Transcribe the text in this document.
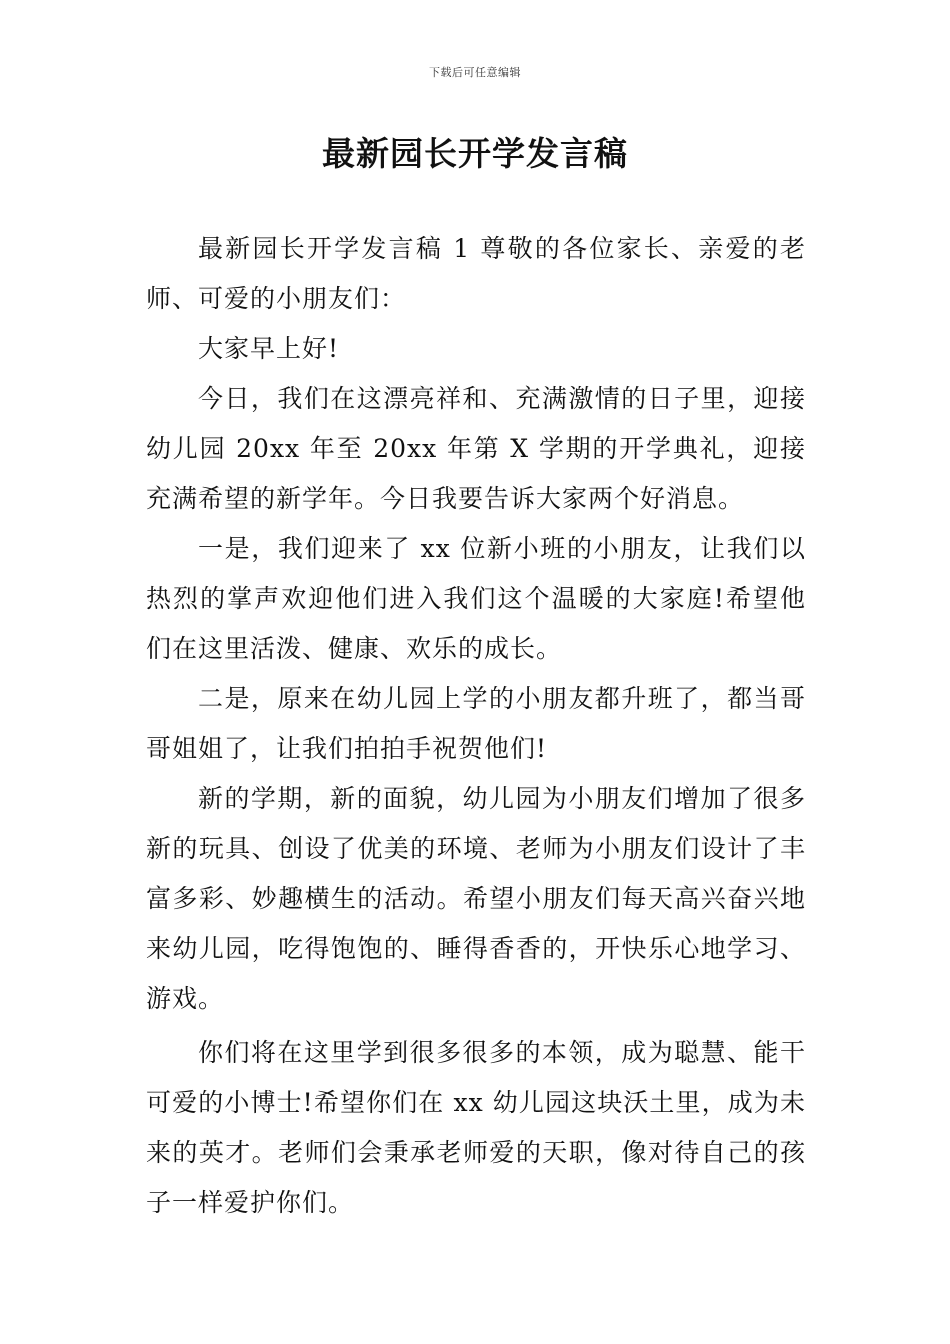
下载后可任意编辑
最新园长开学发言稿

最新园长开学发言稿 1 尊敬的各位家长、亲爱的老师、可爱的小朋友们：

大家早上好!

今日，我们在这漂亮祥和、充满激情的日子里，迎接幼儿园 20xx 年至 20xx 年第 X 学期的开学典礼，迎接充满希望的新学年。今日我要告诉大家两个好消息。

一是，我们迎来了 xx 位新小班的小朋友，让我们以热烈的掌声欢迎他们进入我们这个温暖的大家庭!希望他们在这里活泼、健康、欢乐的成长。

二是，原来在幼儿园上学的小朋友都升班了，都当哥哥姐姐了，让我们拍拍手祝贺他们!

新的学期，新的面貌，幼儿园为小朋友们增加了很多新的玩具、创设了优美的环境、老师为小朋友们设计了丰富多彩、妙趣横生的活动。希望小朋友们每天高兴奋兴地来幼儿园，吃得饱饱的、睡得香香的，开快乐心地学习、游戏。

你们将在这里学到很多很多的本领，成为聪慧、能干可爱的小博士!希望你们在 xx 幼儿园这块沃土里，成为未来的英才。老师们会秉承老师爱的天职，像对待自己的孩子一样爱护你们。
